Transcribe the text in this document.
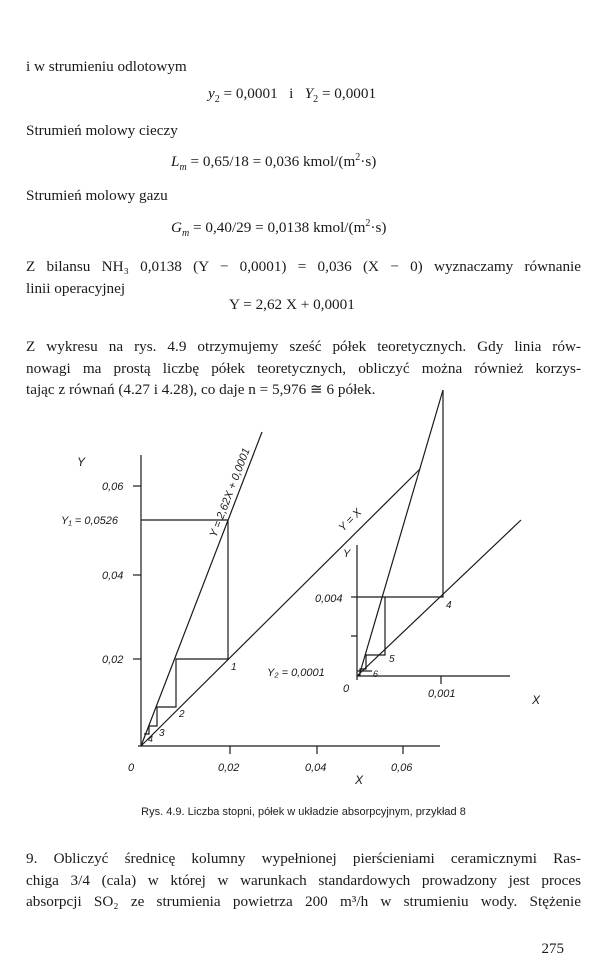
i w strumieniu odlotowym
$y_2 = 0,0001$   i   $Y_2 = 0,0001$
Strumień molowy cieczy
$L_m = 0,65/18 = 0,036$ kmol/$(m^2\cdot s)$
Strumień molowy gazu
$G_m = 0,40/29 = 0,0138$ kmol/$(m^2\cdot s)$
Z bilansu NH₃ 0,0138 (Y − 0,0001) = 0,036 (X − 0) wyznaczamy równanie
linii operacyjnej
Y = 2,62 X + 0,0001
Z wykresu na rys. 4.9 otrzymujemy sześć półek teoretycznych. Gdy linia rów-
nowagi ma prostą liczbę półek teoretycznych, obliczyć można również korzys-
tając z równań (4.27 i 4.28), co daje n = 5,976 ≅ 6 półek.
Y
0,06
Y₁ = 0,0526
0,04
0,02
0	0,02	0,04	0,06
X
Y = 2,62X + 0,0001	Y = X
1
2
3
4
Y
0,004
Y₂ = 0,0001
0	0,001	X
4
5
6
Rys. 4.9. Liczba stopni, półek w układzie absorpcyjnym, przykład 8
9. Obliczyć średnicę kolumny wypełnionej pierścieniami ceramicznymi Ras-
chiga 3/4 (cala) w której w warunkach standardowych prowadzony jest proces
absorpcji SO₂ ze strumienia powietrza 200 m³/h w strumieniu wody. Stężenie
275
